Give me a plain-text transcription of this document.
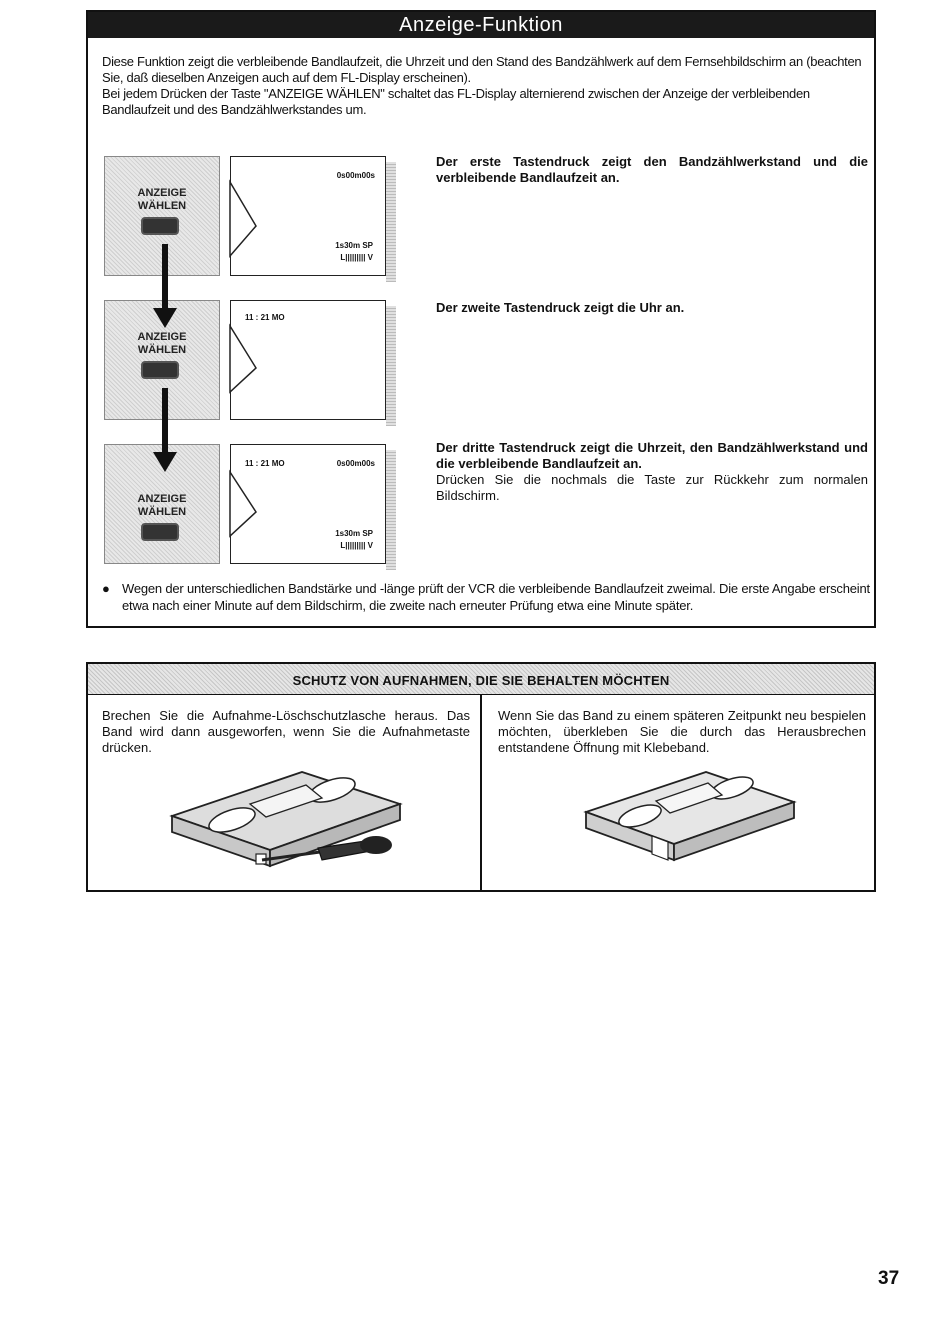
Anzeige-Funktion

Diese Funktion zeigt die verbleibende Bandlaufzeit, die Uhrzeit und den Stand des Bandzählwerk auf dem Fernsehbildschirm an (beachten Sie, daß dieselben Anzeigen auch auf dem FL-Display erscheinen).

Bei jedem Drücken der Taste "ANZEIGE WÄHLEN" schaltet das FL-Display alternierend zwischen der Anzeige der verbleibenden Bandlaufzeit und des Bandzählwerkstandes um.

ANZEIGE
WÄHLEN
0s00m00s
1s30m SP
L||||||||| V
ANZEIGE
WÄHLEN
11 : 21 MO
ANZEIGE
WÄHLEN
11 : 21 MO	0s00m00s
1s30m SP
L||||||||| V
Der erste Tastendruck zeigt den Bandzählwerkstand und die verbleibende Bandlaufzeit an.
Der zweite Tastendruck zeigt die Uhr an.
Der dritte Tastendruck zeigt die Uhrzeit, den Bandzählwerkstand und die verbleibende Bandlaufzeit an.
Drücken Sie die nochmals die Taste zur Rückkehr zum normalen Bildschirm.
● Wegen der unterschiedlichen Bandstärke und -länge prüft der VCR die verbleibende Bandlaufzeit zweimal. Die erste Angabe erscheint etwa nach einer Minute auf dem Bildschirm, die zweite nach erneuter Prüfung etwa eine Minute später.
SCHUTZ VON AUFNAHMEN, DIE SIE BEHALTEN MÖCHTEN
Brechen Sie die Aufnahme-Löschschutzlasche heraus. Das Band wird dann ausgeworfen, wenn Sie die Aufnahmetaste drücken.
Wenn Sie das Band zu einem späteren Zeitpunkt neu bespielen möchten, überkleben Sie die durch das Herausbrechen entstandene Öffnung mit Klebeband.
37
